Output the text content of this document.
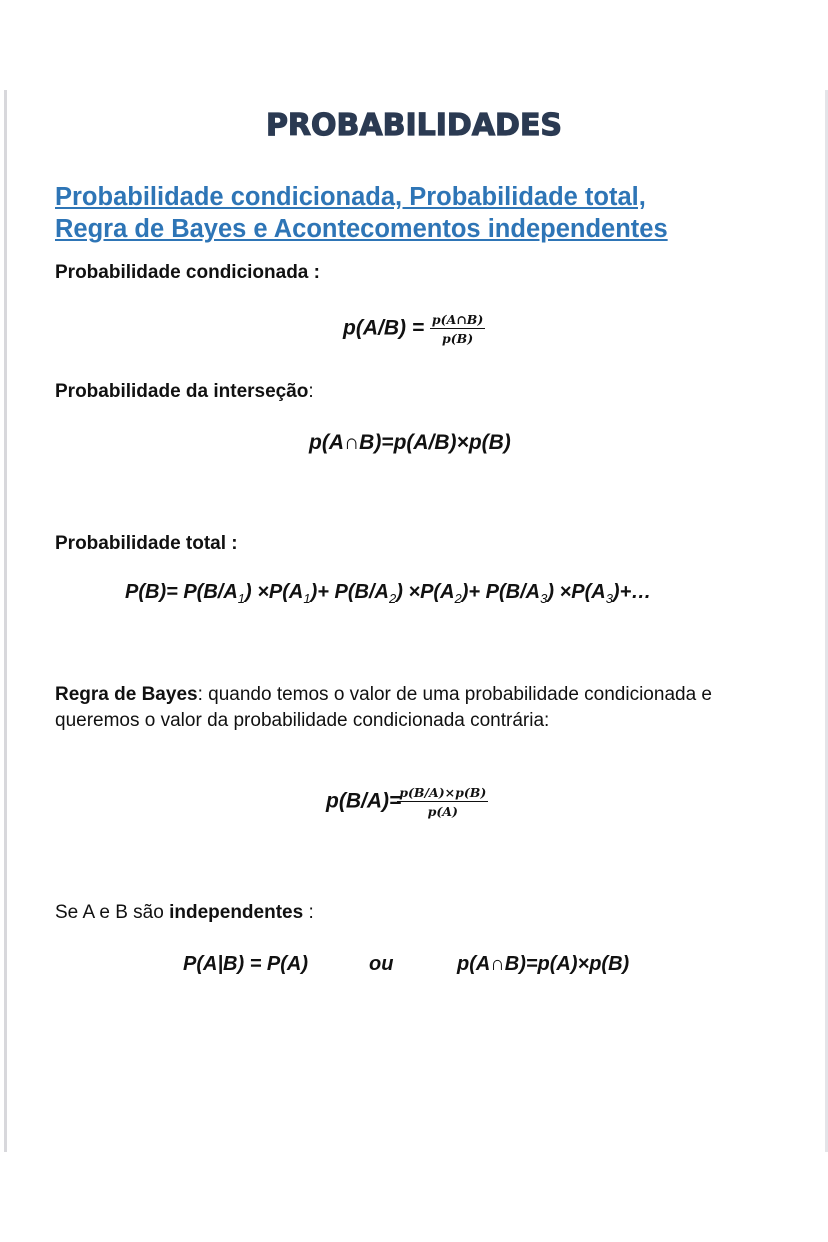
PROBABILIDADES
Probabilidade condicionada, Probabilidade total,
Regra de Bayes e Acontecomentos independentes
Probabilidade condicionada :
$p(A/B) = \frac{p(A\cap B)}{p(B)}$
Probabilidade da interseção:
p(A∩B)=p(A/B)×p(B)
Probabilidade total :
$P(B)= P(B/A_1) \times P(A_1)+ P(B/A_2) \times P(A_2)+ P(B/A_3)$ $\times P(A_3)+\dots$
Regra de Bayes: quando temos o valor de uma probabilidade condicionada e queremos o valor da probabilidade condicionada contrária:
p(B/A)=
$\frac{p(B/A)\times p(B)}{p(A)}$
Se A e B são independentes :
P(A|B) = P(A)	ou	p(A∩B)=p(A)×p(B)
